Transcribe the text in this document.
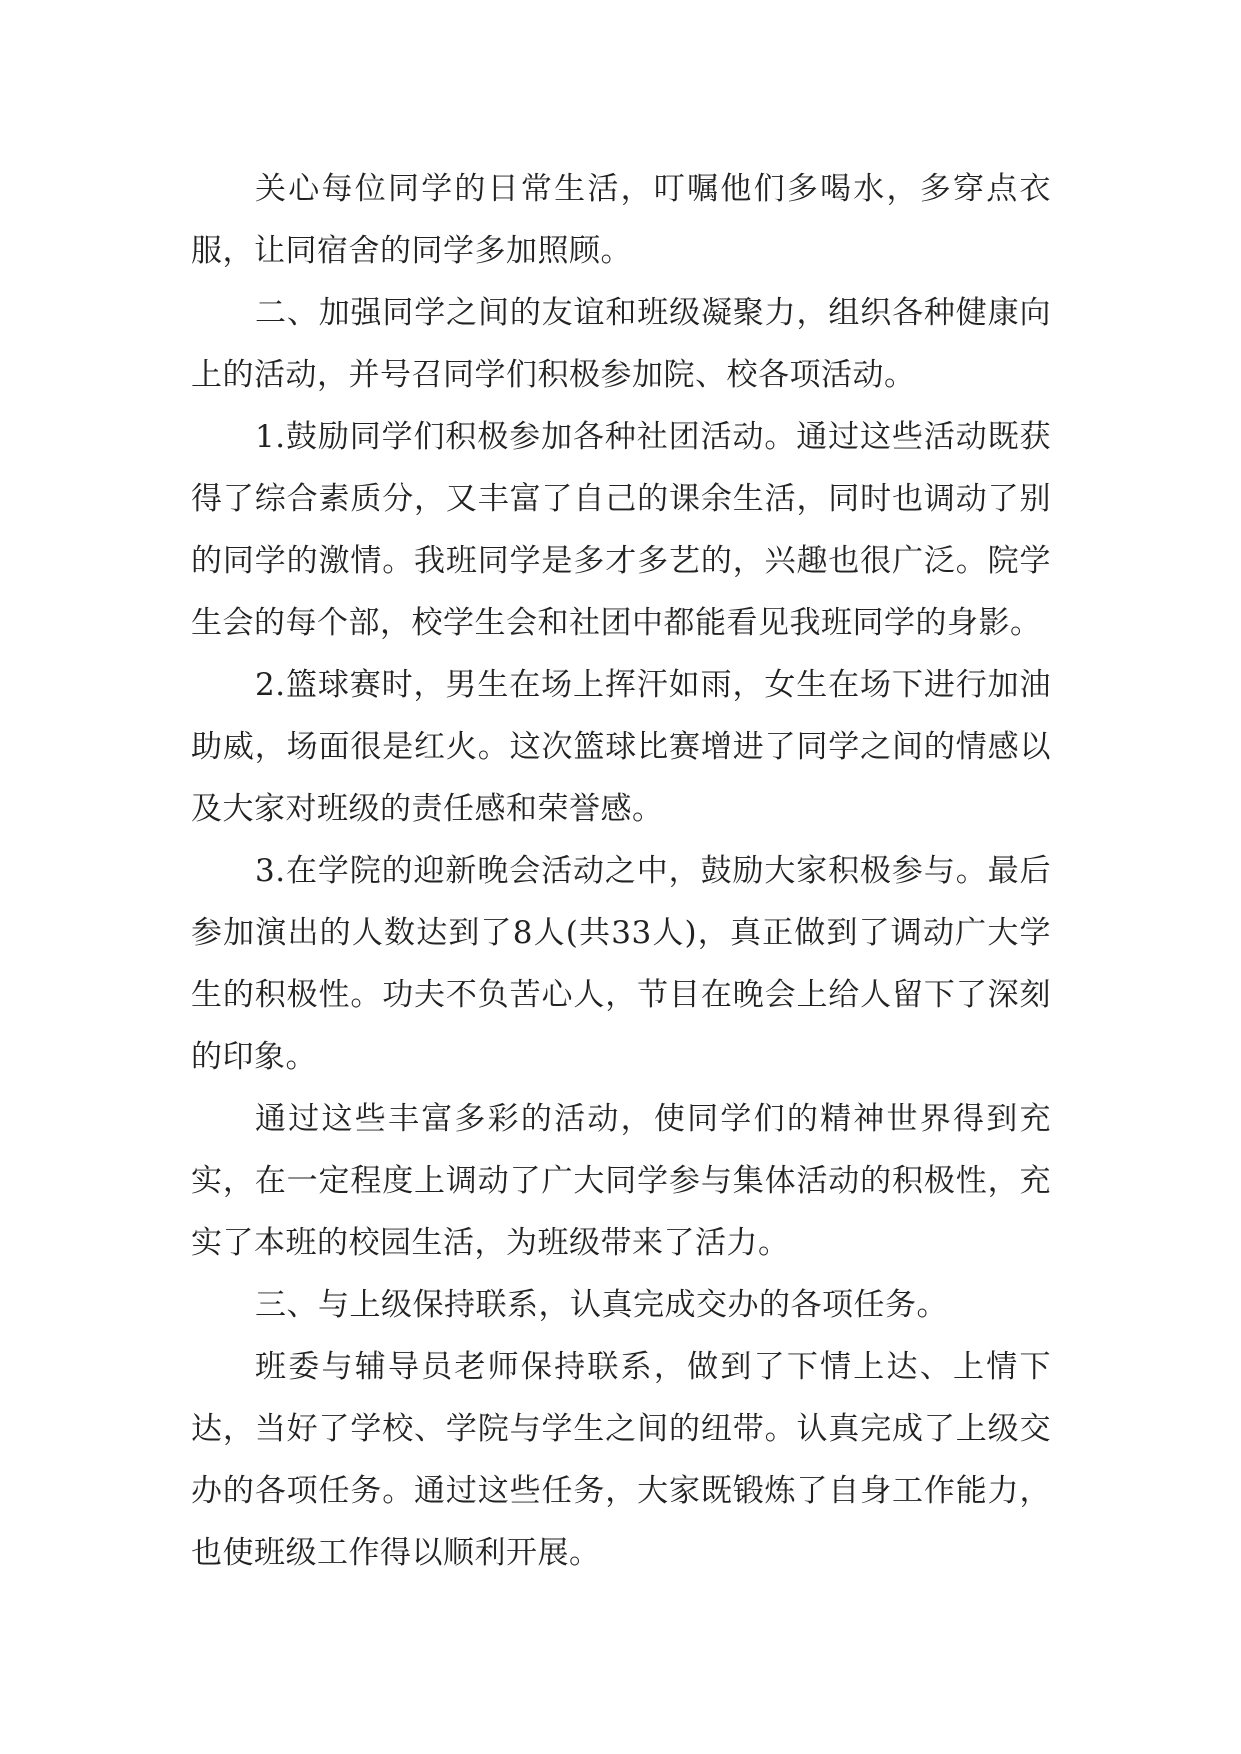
关心每位同学的日常生活，叮嘱他们多喝水，多穿点衣服，让同宿舍的同学多加照顾。

二、加强同学之间的友谊和班级凝聚力，组织各种健康向上的活动，并号召同学们积极参加院、校各项活动。

1.鼓励同学们积极参加各种社团活动。通过这些活动既获得了综合素质分，又丰富了自己的课余生活，同时也调动了别的同学的激情。我班同学是多才多艺的，兴趣也很广泛。院学生会的每个部，校学生会和社团中都能看见我班同学的身影。

2.篮球赛时，男生在场上挥汗如雨，女生在场下进行加油助威，场面很是红火。这次篮球比赛增进了同学之间的情感以及大家对班级的责任感和荣誉感。

3.在学院的迎新晚会活动之中，鼓励大家积极参与。最后参加演出的人数达到了8人(共33人)，真正做到了调动广大学生的积极性。功夫不负苦心人，节目在晚会上给人留下了深刻的印象。

通过这些丰富多彩的活动，使同学们的精神世界得到充实，在一定程度上调动了广大同学参与集体活动的积极性，充实了本班的校园生活，为班级带来了活力。

三、与上级保持联系，认真完成交办的各项任务。

班委与辅导员老师保持联系，做到了下情上达、上情下达，当好了学校、学院与学生之间的纽带。认真完成了上级交办的各项任务。通过这些任务，大家既锻炼了自身工作能力，也使班级工作得以顺利开展。
